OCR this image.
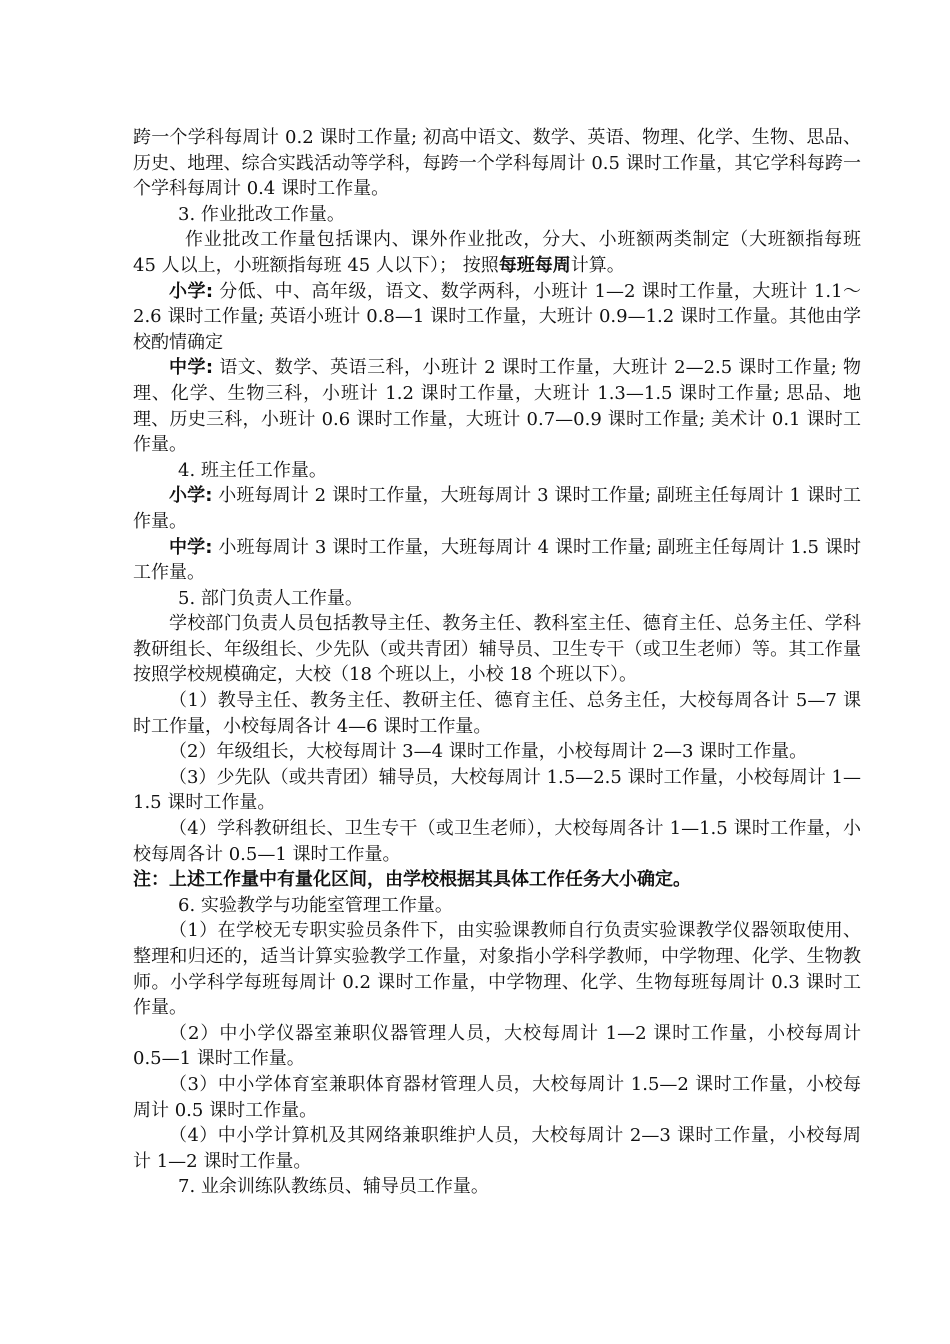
跨一个学科每周计 0.2 课时工作量; 初高中语文、数学、英语、物理、化学、生物、思品、历史、地理、综合实践活动等学科，每跨一个学科每周计 0.5 课时工作量，其它学科每跨一个学科每周计 0.4 课时工作量。

3. 作业批改工作量。

作业批改工作量包括课内、课外作业批改，分大、小班额两类制定（大班额指每班 45 人以上，小班额指每班 45 人以下）； 按照每班每周计算。

小学: 分低、中、高年级，语文、数学两科，小班计 1—2 课时工作量，大班计 1.1～2.6 课时工作量; 英语小班计 0.8—1 课时工作量，大班计 0.9—1.2 课时工作量。其他由学校酌情确定

中学: 语文、数学、英语三科，小班计 2 课时工作量，大班计 2—2.5 课时工作量; 物理、化学、生物三科，小班计 1.2 课时工作量，大班计 1.3—1.5 课时工作量; 思品、地理、历史三科，小班计 0.6 课时工作量，大班计 0.7—0.9 课时工作量; 美术计 0.1 课时工作量。

4. 班主任工作量。

小学: 小班每周计 2 课时工作量，大班每周计 3 课时工作量; 副班主任每周计 1 课时工作量。

中学: 小班每周计 3 课时工作量，大班每周计 4 课时工作量; 副班主任每周计 1.5 课时工作量。

5. 部门负责人工作量。

学校部门负责人员包括教导主任、教务主任、教科室主任、德育主任、总务主任、学科教研组长、年级组长、少先队（或共青团）辅导员、卫生专干（或卫生老师）等。其工作量按照学校规模确定，大校（18 个班以上，小校 18 个班以下）。

（1）教导主任、教务主任、教研主任、德育主任、总务主任，大校每周各计 5—7 课时工作量，小校每周各计 4—6 课时工作量。

（2）年级组长，大校每周计 3—4 课时工作量，小校每周计 2—3 课时工作量。

（3）少先队（或共青团）辅导员，大校每周计 1.5—2.5 课时工作量，小校每周计 1—1.5 课时工作量。

（4）学科教研组长、卫生专干（或卫生老师），大校每周各计 1—1.5 课时工作量，小校每周各计 0.5—1 课时工作量。

注：上述工作量中有量化区间，由学校根据其具体工作任务大小确定。

6. 实验教学与功能室管理工作量。

（1）在学校无专职实验员条件下，由实验课教师自行负责实验课教学仪器领取使用、整理和归还的，适当计算实验教学工作量，对象指小学科学教师，中学物理、化学、生物教师。小学科学每班每周计 0.2 课时工作量，中学物理、化学、生物每班每周计 0.3 课时工作量。

（2）中小学仪器室兼职仪器管理人员，大校每周计 1—2 课时工作量，小校每周计 0.5—1 课时工作量。

（3）中小学体育室兼职体育器材管理人员，大校每周计 1.5—2 课时工作量，小校每周计 0.5 课时工作量。

（4）中小学计算机及其网络兼职维护人员，大校每周计 2—3 课时工作量，小校每周计 1—2 课时工作量。

7. 业余训练队教练员、辅导员工作量。
